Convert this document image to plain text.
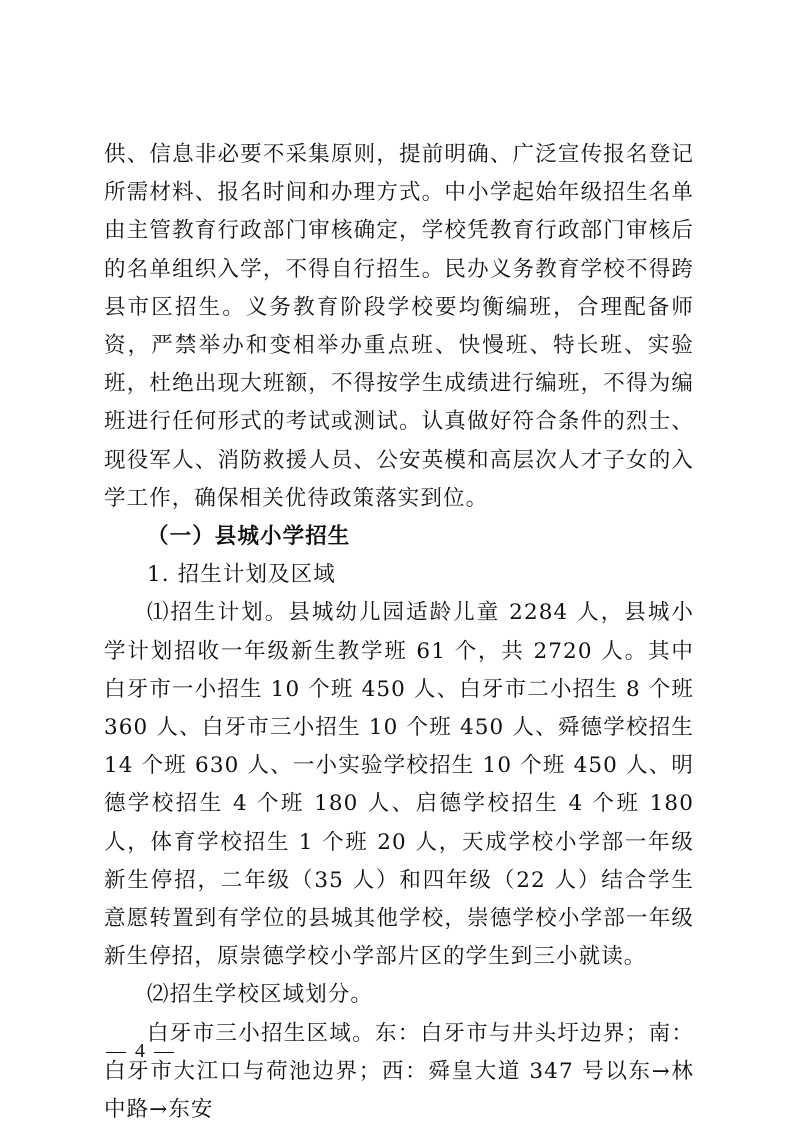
供、信息非必要不采集原则，提前明确、广泛宣传报名登记所需材料、报名时间和办理方式。中小学起始年级招生名单由主管教育行政部门审核确定，学校凭教育行政部门审核后的名单组织入学，不得自行招生。民办义务教育学校不得跨县市区招生。义务教育阶段学校要均衡编班，合理配备师资，严禁举办和变相举办重点班、快慢班、特长班、实验班，杜绝出现大班额，不得按学生成绩进行编班，不得为编班进行任何形式的考试或测试。认真做好符合条件的烈士、现役军人、消防救援人员、公安英模和高层次人才子女的入学工作，确保相关优待政策落实到位。

（一）县城小学招生

1. 招生计划及区域

⑴招生计划。县城幼儿园适龄儿童 2284 人，县城小学计划招收一年级新生教学班 61 个，共 2720 人。其中白牙市一小招生 10 个班 450 人、白牙市二小招生 8 个班 360 人、白牙市三小招生 10 个班 450 人、舜德学校招生 14 个班 630 人、一小实验学校招生 10 个班 450 人、明德学校招生 4 个班 180 人、启德学校招生 4 个班 180 人，体育学校招生 1 个班 20 人，天成学校小学部一年级新生停招，二年级（35 人）和四年级（22 人）结合学生意愿转置到有学位的县城其他学校，崇德学校小学部一年级新生停招，原崇德学校小学部片区的学生到三小就读。

⑵招生学校区域划分。

白牙市三小招生区域。东：白牙市与井头圩边界；南：白牙市大江口与荷池边界；西：舜皇大道 347 号以东→林中路→东安

— 4 —
